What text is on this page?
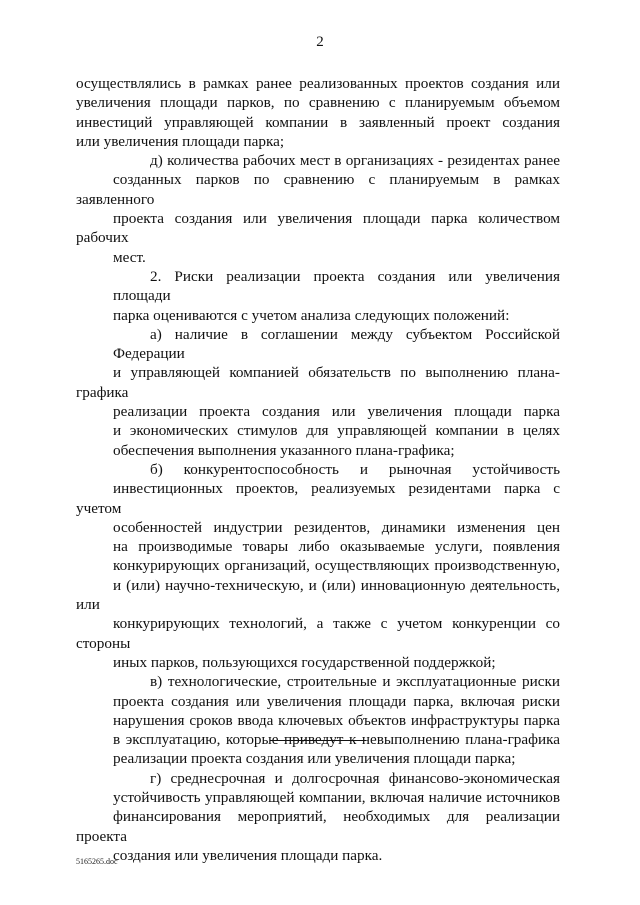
2
осуществлялись в рамках ранее реализованных проектов создания или
увеличения площади парков, по сравнению с планируемым объемом
инвестиций управляющей компании в заявленный проект создания
или увеличения площади парка;
д) количества рабочих мест в организациях - резидентах ранее
созданных парков по сравнению с планируемым в рамках заявленного
проекта создания или увеличения площади парка количеством рабочих
мест.
2. Риски реализации проекта создания или увеличения площади
парка оцениваются с учетом анализа следующих положений:
а) наличие в соглашении между субъектом Российской Федерации
и управляющей компанией обязательств по выполнению плана-графика
реализации проекта создания или увеличения площади парка
и экономических стимулов для управляющей компании в целях
обеспечения выполнения указанного плана-графика;
б) конкурентоспособность и рыночная устойчивость
инвестиционных проектов, реализуемых резидентами парка с учетом
особенностей индустрии резидентов, динамики изменения цен
на производимые товары либо оказываемые услуги, появления
конкурирующих организаций, осуществляющих производственную,
и (или) научно-техническую, и (или) инновационную деятельность, или
конкурирующих технологий, а также с учетом конкуренции со стороны
иных парков, пользующихся государственной поддержкой;
в) технологические, строительные и эксплуатационные риски
проекта создания или увеличения площади парка, включая риски
нарушения сроков ввода ключевых объектов инфраструктуры парка
в эксплуатацию, которые приведут к невыполнению плана-графика
реализации проекта создания или увеличения площади парка;
г) среднесрочная и долгосрочная финансово-экономическая
устойчивость управляющей компании, включая наличие источников
финансирования мероприятий, необходимых для реализации проекта
создания или увеличения площади парка.
5165265.doc
